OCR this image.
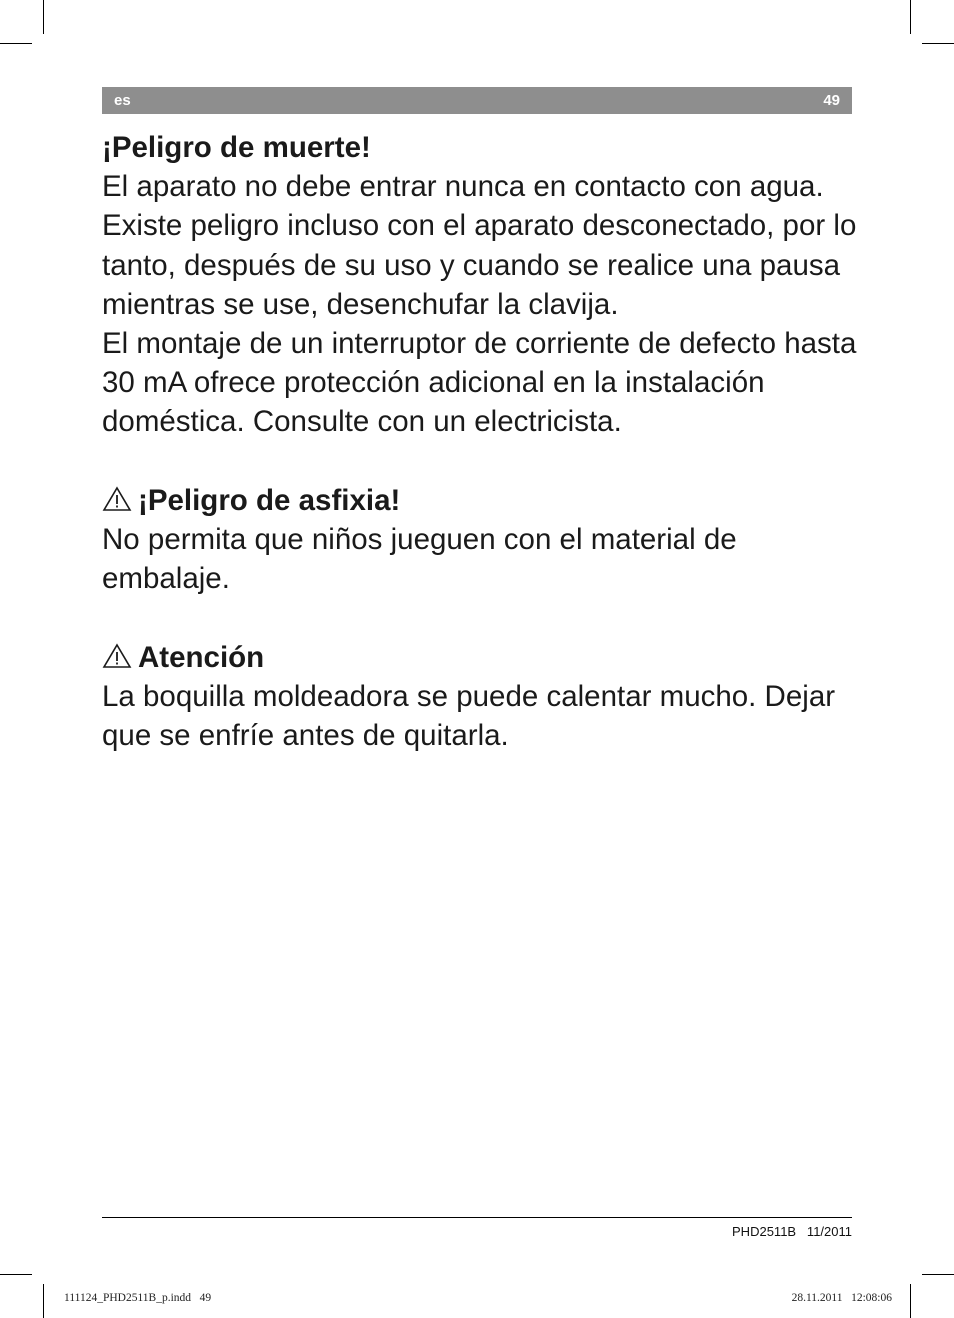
es	49

¡Peligro de muerte!

El aparato no debe entrar nunca en contacto con agua. Existe peligro incluso con el aparato desconectado, por lo tanto, después de su uso y cuando se realice una pausa mientras se use, desenchufar la clavija.

El montaje de un interruptor de corriente de defecto hasta 30 mA ofrece protección adicional en la instalación doméstica. Consulte con un electricista.

¡Peligro de asfixia!

No permita que niños jueguen con el material de embalaje.

Atención

La boquilla moldeadora se puede calentar mucho. Dejar que se enfríe antes de quitarla.

PHD2511B   11/2011
111124_PHD2511B_p.indd   49	28.11.2011   12:08:06
